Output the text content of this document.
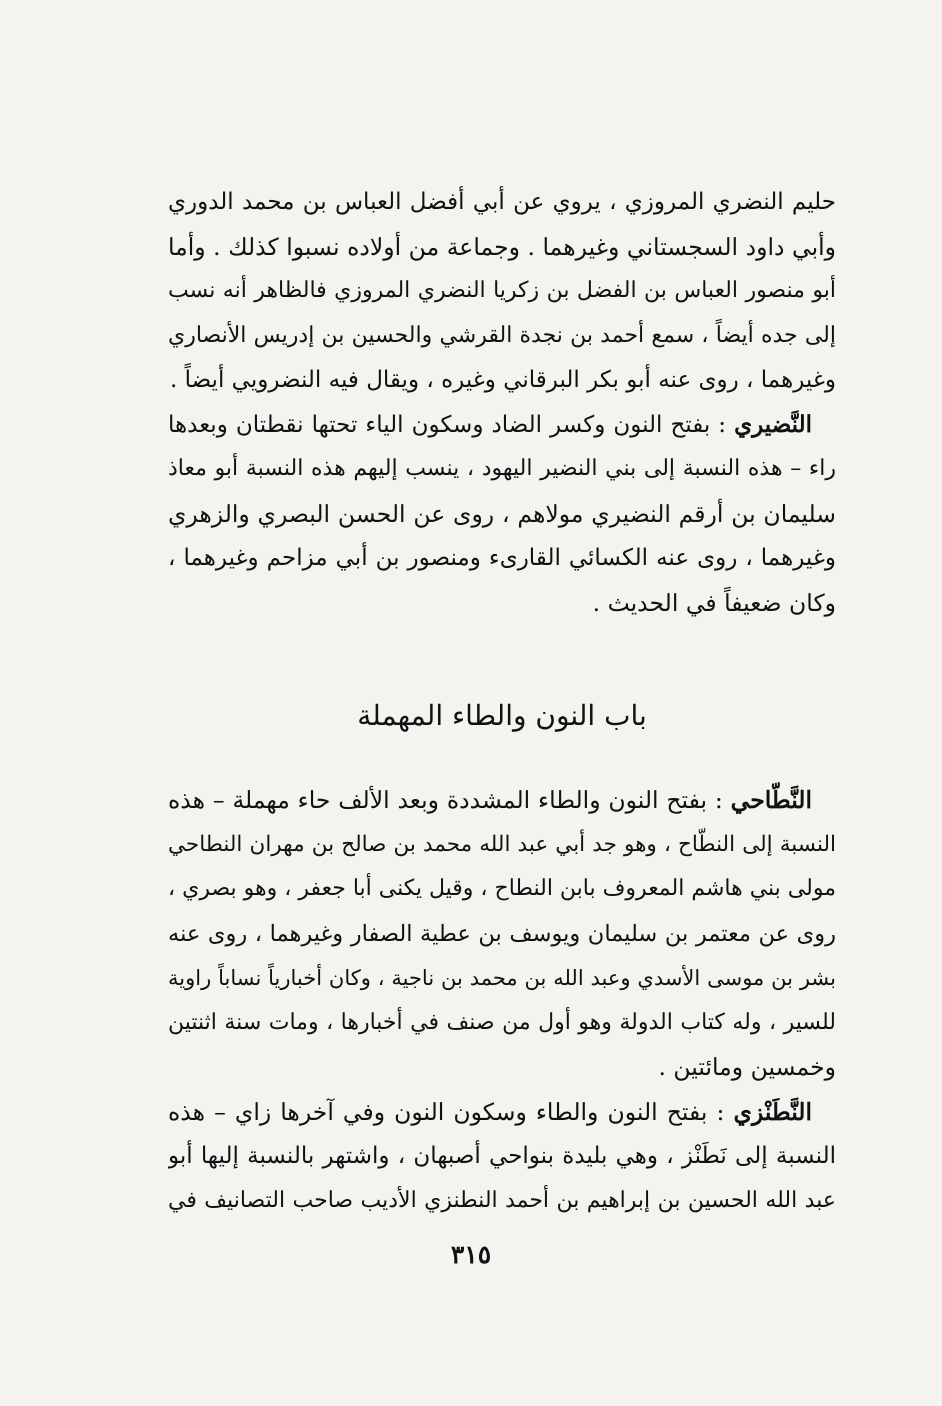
حليم النضري المروزي ، يروي عن أبي أفضل العباس بن محمد الدوري
وأبي داود السجستاني وغيرهما . وجماعة من أولاده نسبوا كذلك . وأما
أبو منصور العباس بن الفضل بن زكريا النضري المروزي فالظاهر أنه نسب
إلى جده أيضاً ، سمع أحمد بن نجدة القرشي والحسين بن إدريس الأنصاري
وغيرهما ، روى عنه أبو بكر البرقاني وغيره ، ويقال فيه النضرويي أيضاً .
النَّضيري : بفتح النون وكسر الضاد وسكون الياء تحتها نقطتان وبعدها
راء – هذه النسبة إلى بني النضير اليهود ، ينسب إليهم هذه النسبة أبو معاذ
سليمان بن أرقم النضيري مولاهم ، روى عن الحسن البصري والزهري
وغيرهما ، روى عنه الكسائي القارىء ومنصور بن أبي مزاحم وغيرهما ،
وكان ضعيفاً في الحديث .
باب النون والطاء المهملة
النَّطّاحي : بفتح النون والطاء المشددة وبعد الألف حاء مهملة – هذه
النسبة إلى النطّاح ، وهو جد أبي عبد الله محمد بن صالح بن مهران النطاحي
مولى بني هاشم المعروف بابن النطاح ، وقيل يكنى أبا جعفر ، وهو بصري ،
روى عن معتمر بن سليمان ويوسف بن عطية الصفار وغيرهما ، روى عنه
بشر بن موسى الأسدي وعبد الله بن محمد بن ناجية ، وكان أخبارياً نساباً راوية
للسير ، وله كتاب الدولة وهو أول من صنف في أخبارها ، ومات سنة اثنتين
وخمسين ومائتين .
النَّطَنْزي : بفتح النون والطاء وسكون النون وفي آخرها زاي – هذه
النسبة إلى نَطَنْز ، وهي بليدة بنواحي أصبهان ، واشتهر بالنسبة إليها أبو
عبد الله الحسين بن إبراهيم بن أحمد النطنزي الأديب صاحب التصانيف في
٣١٥
